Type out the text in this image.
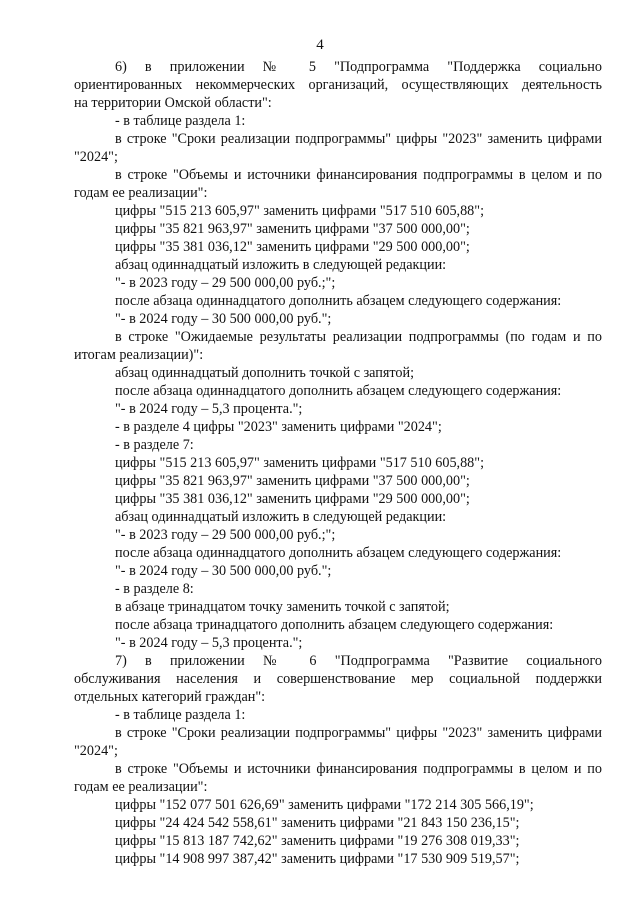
4
6) в приложении № 5 "Подпрограмма "Поддержка социально
ориентированных некоммерческих организаций, осуществляющих деятельность
на территории Омской области":
- в таблице раздела 1:
в строке "Сроки реализации подпрограммы" цифры "2023" заменить цифрами
"2024";
в строке "Объемы и источники финансирования подпрограммы в целом и по
годам ее реализации":
цифры "515 213 605,97" заменить цифрами "517 510 605,88";
цифры "35 821 963,97" заменить цифрами "37 500 000,00";
цифры "35 381 036,12" заменить цифрами "29 500 000,00";
абзац одиннадцатый изложить в следующей редакции:
"- в 2023 году – 29 500 000,00 руб.;";
после абзаца одиннадцатого дополнить абзацем следующего содержания:
"- в 2024 году – 30 500 000,00 руб.";
в строке "Ожидаемые результаты реализации подпрограммы (по годам и по
итогам реализации)":
абзац одиннадцатый дополнить точкой с запятой;
после абзаца одиннадцатого дополнить абзацем следующего содержания:
"- в 2024 году – 5,3 процента.";
- в разделе 4 цифры "2023" заменить цифрами "2024";
- в разделе 7:
цифры "515 213 605,97" заменить цифрами "517 510 605,88";
цифры "35 821 963,97" заменить цифрами "37 500 000,00";
цифры "35 381 036,12" заменить цифрами "29 500 000,00";
абзац одиннадцатый изложить в следующей редакции:
"- в 2023 году – 29 500 000,00 руб.;";
после абзаца одиннадцатого дополнить абзацем следующего содержания:
"- в 2024 году – 30 500 000,00 руб.";
- в разделе 8:
в абзаце тринадцатом точку заменить точкой с запятой;
после абзаца тринадцатого дополнить абзацем следующего содержания:
"- в 2024 году – 5,3 процента.";
7) в приложении № 6 "Подпрограмма "Развитие социального
обслуживания населения и совершенствование мер социальной поддержки
отдельных категорий граждан":
- в таблице раздела 1:
в строке "Сроки реализации подпрограммы" цифры "2023" заменить цифрами
"2024";
в строке "Объемы и источники финансирования подпрограммы в целом и по
годам ее реализации":
цифры "152 077 501 626,69" заменить цифрами "172 214 305 566,19";
цифры "24 424 542 558,61" заменить цифрами "21 843 150 236,15";
цифры "15 813 187 742,62" заменить цифрами "19 276 308 019,33";
цифры "14 908 997 387,42" заменить цифрами "17 530 909 519,57";
